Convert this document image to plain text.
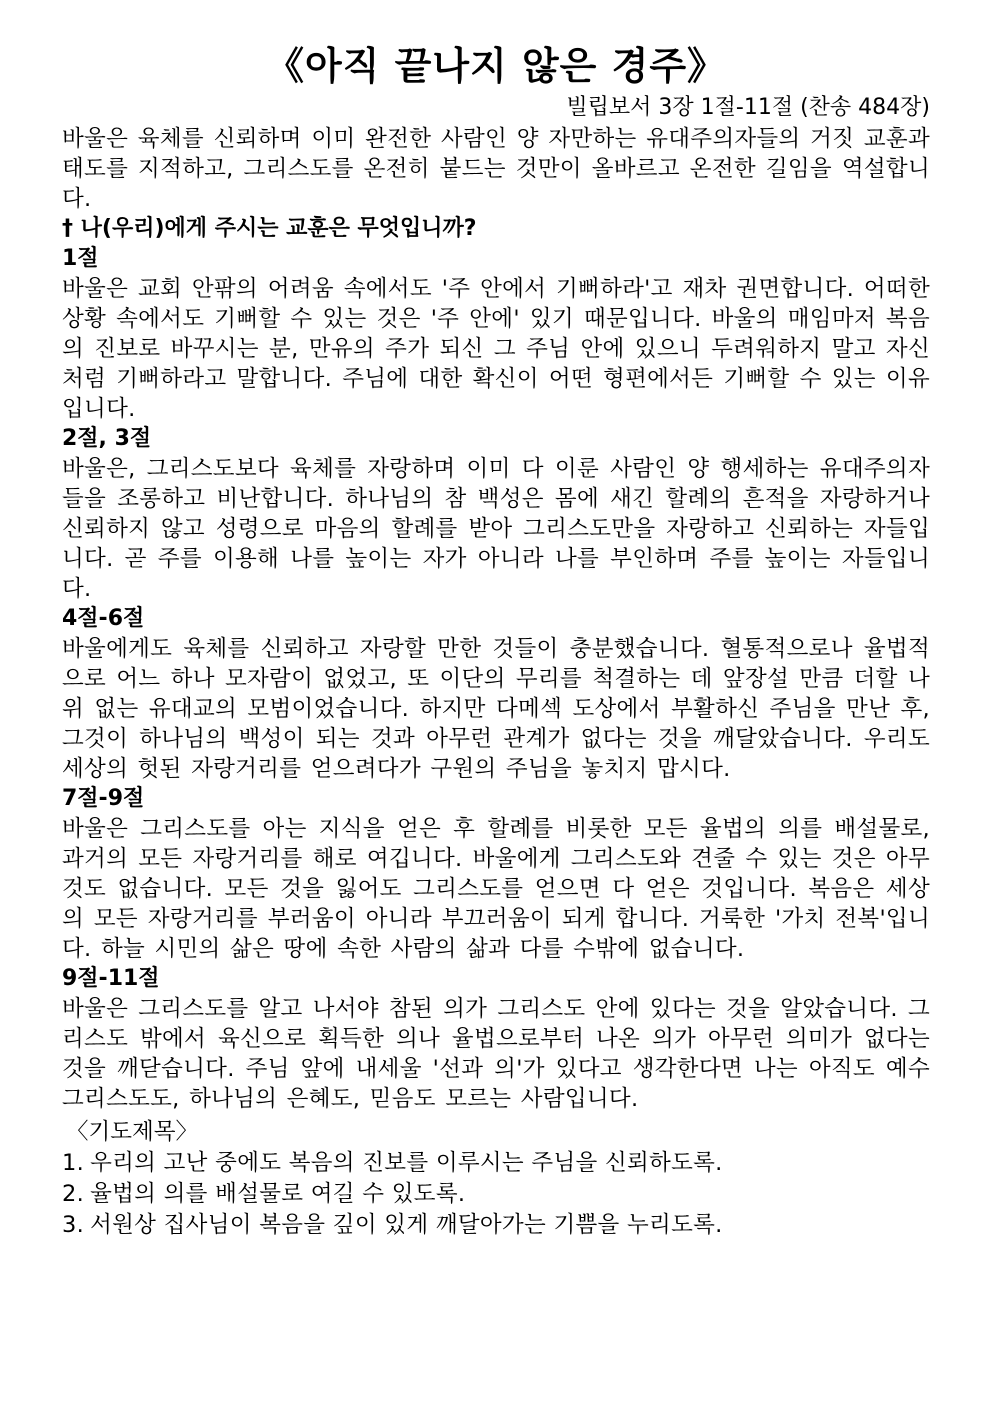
《아직 끝나지 않은 경주》

빌립보서 3장 1절-11절 (찬송 484장)

바울은 육체를 신뢰하며 이미 완전한 사람인 양 자만하는 유대주의자들의 거짓 교훈과 태도를 지적하고, 그리스도를 온전히 붙드는 것만이 올바르고 온전한 길임을 역설합니다.

† 나(우리)에게 주시는 교훈은 무엇입니까?

1절

바울은 교회 안팎의 어려움 속에서도 '주 안에서 기뻐하라'고 재차 권면합니다. 어떠한 상황 속에서도 기뻐할 수 있는 것은 '주 안에' 있기 때문입니다. 바울의 매임마저 복음의 진보로 바꾸시는 분, 만유의 주가 되신 그 주님 안에 있으니 두려워하지 말고 자신처럼 기뻐하라고 말합니다. 주님에 대한 확신이 어떤 형편에서든 기뻐할 수 있는 이유입니다.

2절, 3절

바울은, 그리스도보다 육체를 자랑하며 이미 다 이룬 사람인 양 행세하는 유대주의자들을 조롱하고 비난합니다. 하나님의 참 백성은 몸에 새긴 할례의 흔적을 자랑하거나 신뢰하지 않고 성령으로 마음의 할례를 받아 그리스도만을 자랑하고 신뢰하는 자들입니다. 곧 주를 이용해 나를 높이는 자가 아니라 나를 부인하며 주를 높이는 자들입니다.

4절-6절

바울에게도 육체를 신뢰하고 자랑할 만한 것들이 충분했습니다. 혈통적으로나 율법적으로 어느 하나 모자람이 없었고, 또 이단의 무리를 척결하는 데 앞장설 만큼 더할 나위 없는 유대교의 모범이었습니다. 하지만 다메섹 도상에서 부활하신 주님을 만난 후, 그것이 하나님의 백성이 되는 것과 아무런 관계가 없다는 것을 깨달았습니다. 우리도 세상의 헛된 자랑거리를 얻으려다가 구원의 주님을 놓치지 맙시다.

7절-9절

바울은 그리스도를 아는 지식을 얻은 후 할례를 비롯한 모든 율법의 의를 배설물로, 과거의 모든 자랑거리를 해로 여깁니다. 바울에게 그리스도와 견줄 수 있는 것은 아무것도 없습니다. 모든 것을 잃어도 그리스도를 얻으면 다 얻은 것입니다. 복음은 세상의 모든 자랑거리를 부러움이 아니라 부끄러움이 되게 합니다. 거룩한 '가치 전복'입니다. 하늘 시민의 삶은 땅에 속한 사람의 삶과 다를 수밖에 없습니다.

9절-11절

바울은 그리스도를 알고 나서야 참된 의가 그리스도 안에 있다는 것을 알았습니다. 그리스도 밖에서 육신으로 획득한 의나 율법으로부터 나온 의가 아무런 의미가 없다는 것을 깨닫습니다. 주님 앞에 내세울 '선과 의'가 있다고 생각한다면 나는 아직도 예수 그리스도도, 하나님의 은혜도, 믿음도 모르는 사람입니다.

〈기도제목〉

1. 우리의 고난 중에도 복음의 진보를 이루시는 주님을 신뢰하도록.
2. 율법의 의를 배설물로 여길 수 있도록.
3. 서원상 집사님이 복음을 깊이 있게 깨달아가는 기쁨을 누리도록.
